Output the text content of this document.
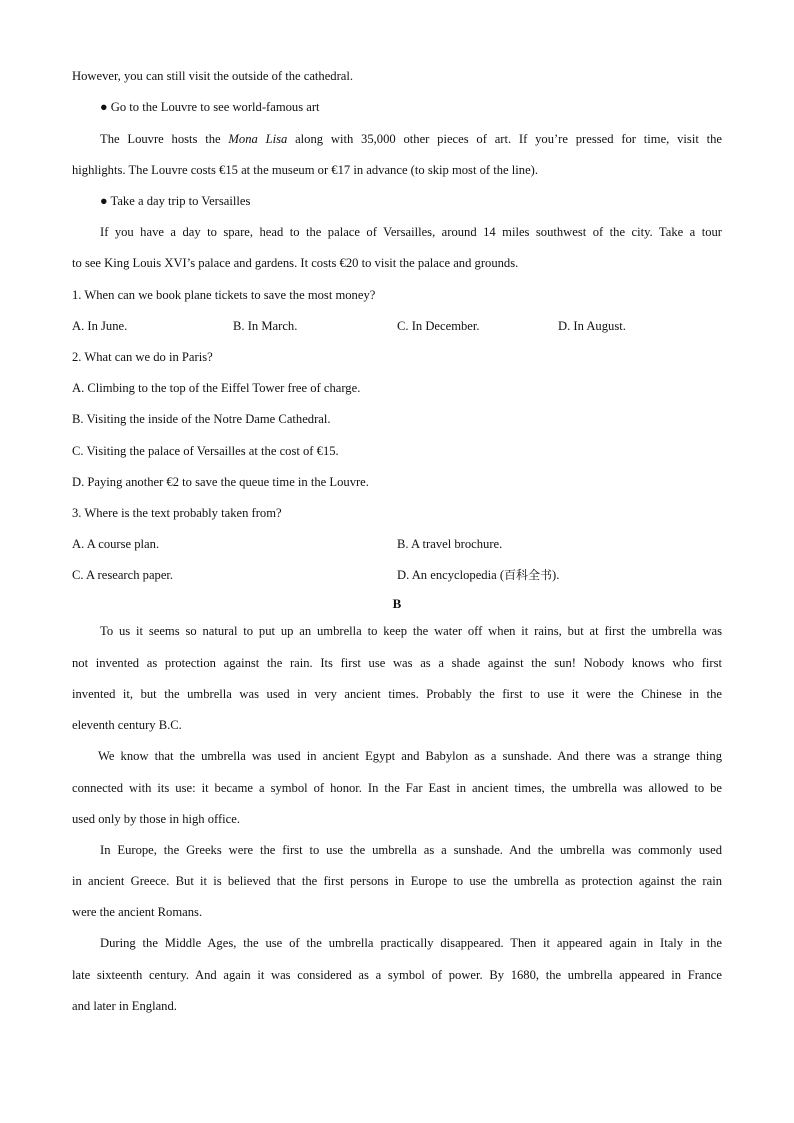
However, you can still visit the outside of the cathedral.
● Go to the Louvre to see world-famous art
The Louvre hosts the Mona Lisa along with 35,000 other pieces of art. If you’re pressed for time, visit the
highlights. The Louvre costs €15 at the museum or €17 in advance (to skip most of the line).
● Take a day trip to Versailles
If you have a day to spare, head to the palace of Versailles, around 14 miles southwest of the city. Take a tour
to see King Louis XVI’s palace and gardens. It costs €20 to visit the palace and grounds.
1. When can we book plane tickets to save the most money?
A. In June.	B. In March.	C. In December.	D. In August.
2. What can we do in Paris?
A. Climbing to the top of the Eiffel Tower free of charge.
B. Visiting the inside of the Notre Dame Cathedral.
C. Visiting the palace of Versailles at the cost of €15.
D. Paying another €2 to save the queue time in the Louvre.
3. Where is the text probably taken from?
A. A course plan.	B. A travel brochure.
C. A research paper.	D. An encyclopedia (百科全书).
B
To us it seems so natural to put up an umbrella to keep the water off when it rains, but at first the umbrella was
not invented as protection against the rain. Its first use was as a shade against the sun! Nobody knows who first
invented it, but the umbrella was used in very ancient times. Probably the first to use it were the Chinese in the
eleventh century B.C.
We know that the umbrella was used in ancient Egypt and Babylon as a sunshade. And there was a strange thing
connected with its use: it became a symbol of honor. In the Far East in ancient times, the umbrella was allowed to be
used only by those in high office.
In Europe, the Greeks were the first to use the umbrella as a sunshade. And the umbrella was commonly used
in ancient Greece. But it is believed that the first persons in Europe to use the umbrella as protection against the rain
were the ancient Romans.
During the Middle Ages, the use of the umbrella practically disappeared. Then it appeared again in Italy in the
late sixteenth century. And again it was considered as a symbol of power. By 1680, the umbrella appeared in France
and later in England.
